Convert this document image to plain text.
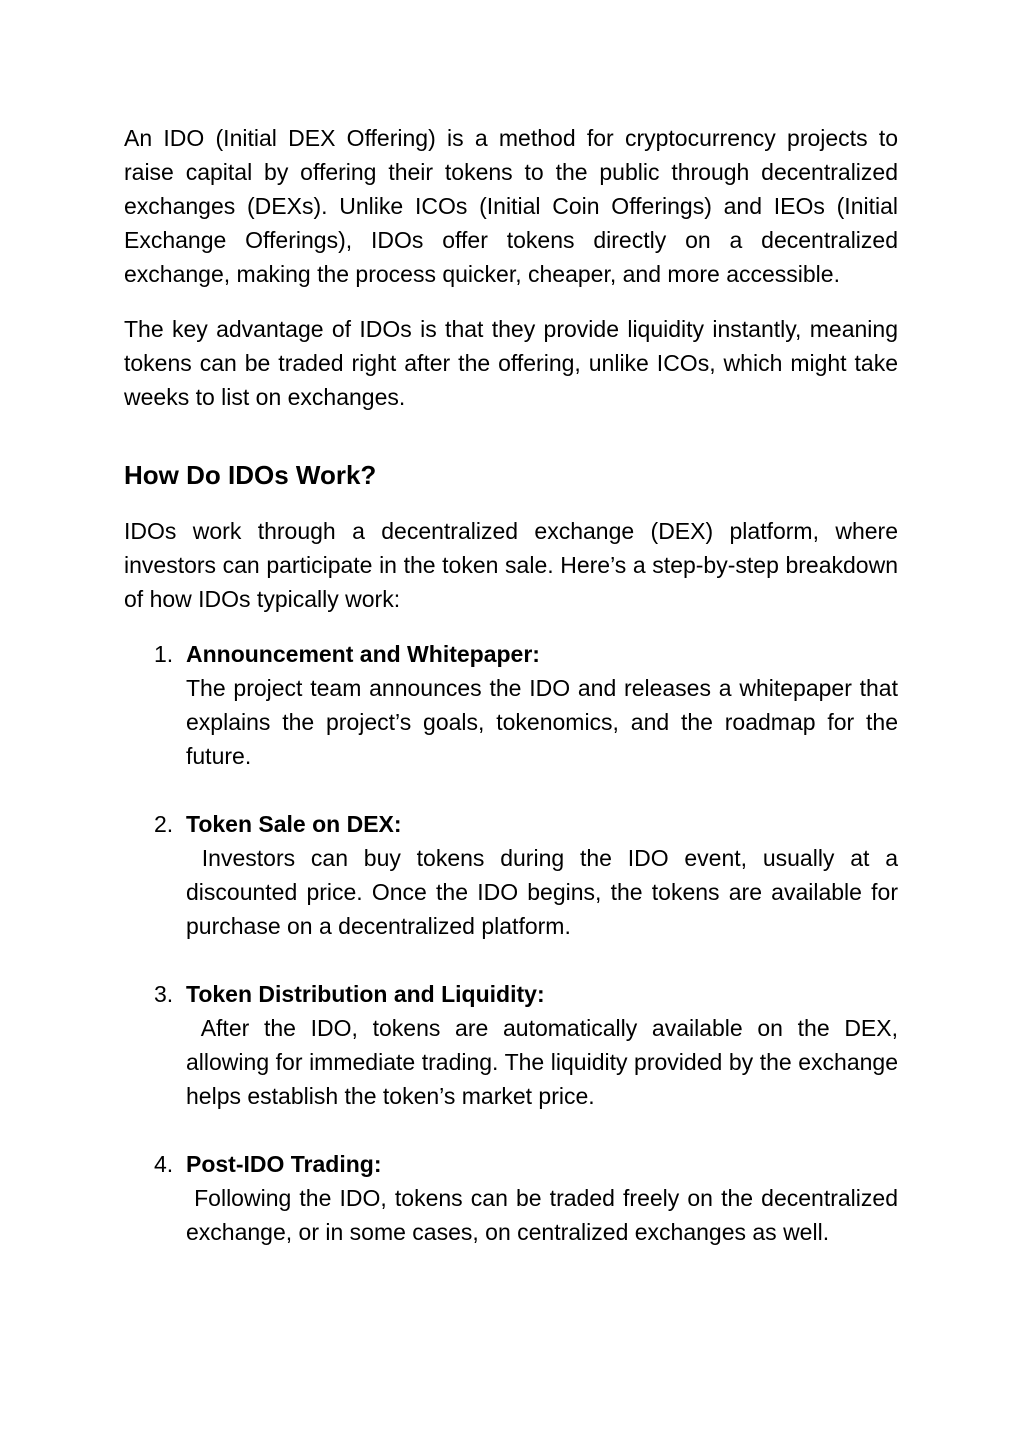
An IDO (Initial DEX Offering) is a method for cryptocurrency projects to raise capital by offering their tokens to the public through decentralized exchanges (DEXs). Unlike ICOs (Initial Coin Offerings) and IEOs (Initial Exchange Offerings), IDOs offer tokens directly on a decentralized exchange, making the process quicker, cheaper, and more accessible.

The key advantage of IDOs is that they provide liquidity instantly, meaning tokens can be traded right after the offering, unlike ICOs, which might take weeks to list on exchanges.

How Do IDOs Work?

IDOs work through a decentralized exchange (DEX) platform, where investors can participate in the token sale. Here’s a step-by-step breakdown of how IDOs typically work:

1. Announcement and Whitepaper:
The project team announces the IDO and releases a whitepaper that explains the project’s goals, tokenomics, and the roadmap for the future.
2. Token Sale on DEX:
Investors can buy tokens during the IDO event, usually at a discounted price. Once the IDO begins, the tokens are available for purchase on a decentralized platform.
3. Token Distribution and Liquidity:
After the IDO, tokens are automatically available on the DEX, allowing for immediate trading. The liquidity provided by the exchange helps establish the token’s market price.
4. Post-IDO Trading:
Following the IDO, tokens can be traded freely on the decentralized exchange, or in some cases, on centralized exchanges as well.
